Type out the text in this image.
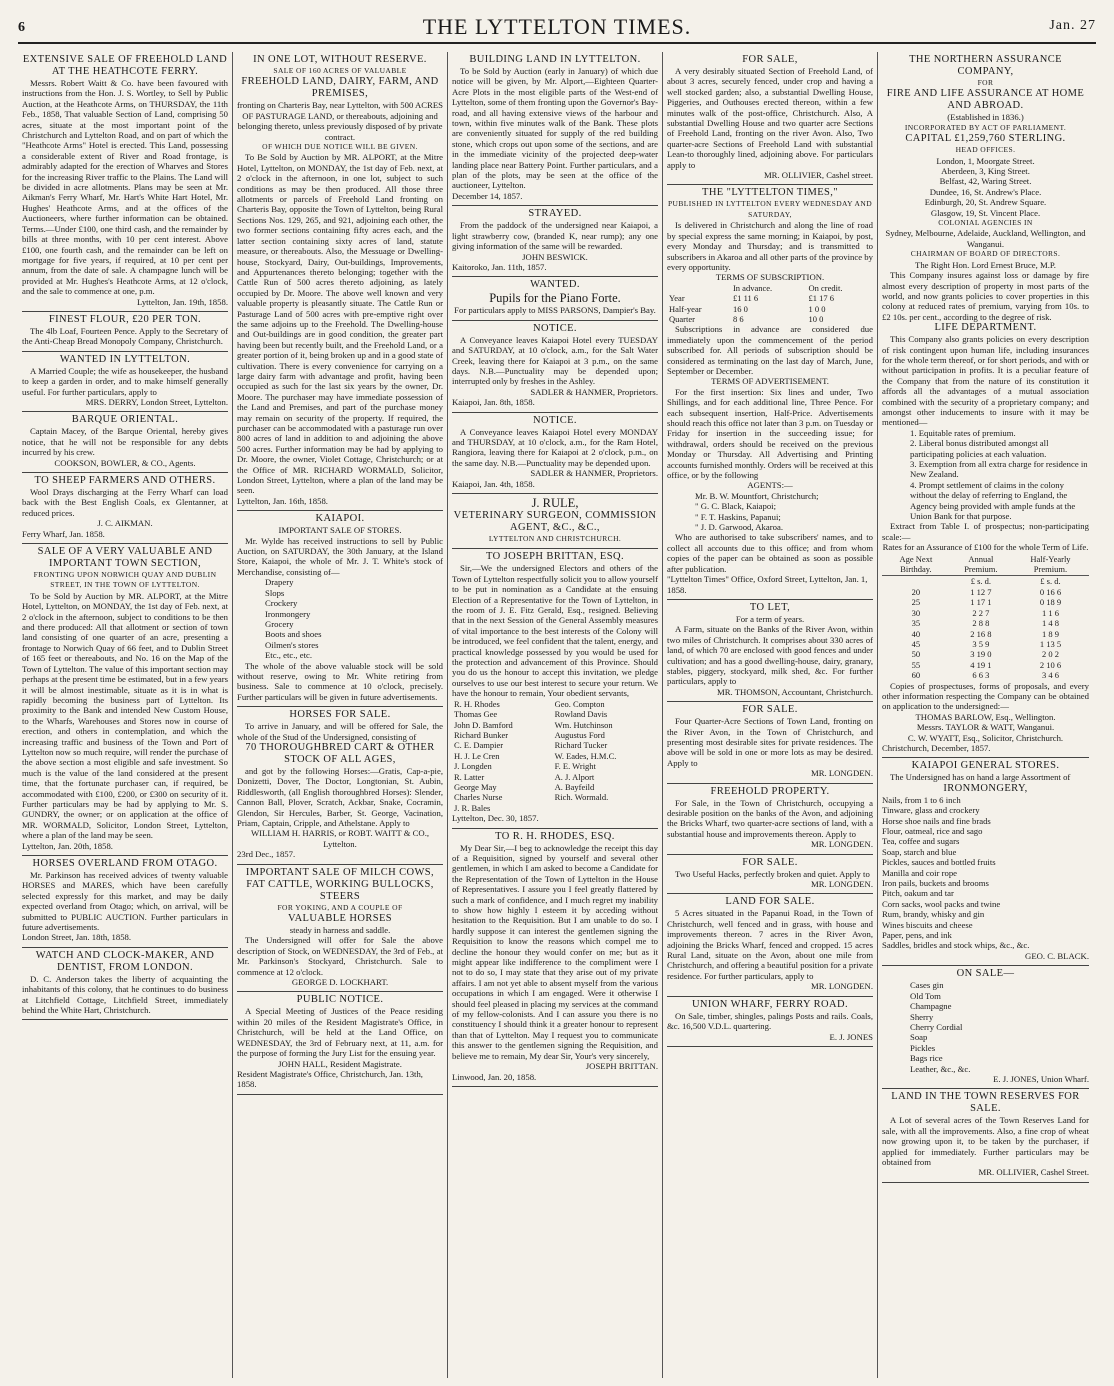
6	THE LYTTELTON TIMES.	Jan. 27
EXTENSIVE SALE OF FREEHOLD LAND AT THE HEATHCOTE FERRY.

Messrs. Robert Waitt & Co. have been favoured with instructions from the Hon. J. S. Wortley, to Sell by Public Auction, at the Heathcote Arms, on THURSDAY, the 11th Feb., 1858, That valuable Section of Land, comprising 50 acres, situate at the most important point of the Christchurch and Lyttelton Road, and on part of which the "Heathcote Arms" Hotel is erected. This Land, possessing a considerable extent of River and Road frontage, is admirably adapted for the erection of Wharves and Stores for the increasing River traffic to the Plains. The Land will be divided in acre allotments. Plans may be seen at Mr. Aikman's Ferry Wharf, Mr. Hart's White Hart Hotel, Mr. Hughes' Heathcote Arms, and at the offices of the Auctioneers, where further information can be obtained. Terms.—Under £100, one third cash, and the remainder by bills at three months, with 10 per cent interest. Above £100, one fourth cash, and the remainder can be left on mortgage for five years, if required, at 10 per cent per annum, from the date of sale. A champagne lunch will be provided at Mr. Hughes's Heathcote Arms, at 12 o'clock, and the sale to commence at one, p.m.

Lyttelton, Jan. 19th, 1858.
FINEST FLOUR, £20 PER TON.

The 4lb Loaf, Fourteen Pence. Apply to the Secretary of the Anti-Cheap Bread Monopoly Company, Christchurch.

WANTED IN LYTTELTON.

A Married Couple; the wife as housekeeper, the husband to keep a garden in order, and to make himself generally useful. For further particulars, apply to

MRS. DERRY, London Street, Lyttelton.
BARQUE ORIENTAL.

Captain Macey, of the Barque Oriental, hereby gives notice, that he will not be responsible for any debts incurred by his crew.

COOKSON, BOWLER, & CO., Agents.
TO SHEEP FARMERS AND OTHERS.

Wool Drays discharging at the Ferry Wharf can load back with the Best English Coals, ex Glentanner, at reduced prices.

J. C. AIKMAN.
Ferry Wharf, Jan. 1858.
SALE OF A VERY VALUABLE AND IMPORTANT TOWN SECTION,
FRONTING UPON NORWICH QUAY AND DUBLIN STREET, IN THE TOWN OF LYTTELTON.

To be Sold by Auction by MR. ALPORT, at the Mitre Hotel, Lyttelton, on MONDAY, the 1st day of Feb. next, at 2 o'clock in the afternoon, subject to conditions to be then and there produced: All that allotment or section of town land consisting of one quarter of an acre, presenting a frontage to Norwich Quay of 66 feet, and to Dublin Street of 165 feet or thereabouts, and No. 16 on the Map of the Town of Lyttelton. The value of this important section may perhaps at the present time be estimated, but in a few years it will be almost inestimable, situate as it is in what is rapidly becoming the business part of Lyttelton. Its proximity to the Bank and intended New Custom House, to the Wharfs, Warehouses and Stores now in course of erection, and others in contemplation, and which the increasing traffic and business of the Town and Port of Lyttelton now so much require, will render the purchase of the above section a most eligible and safe investment. So much is the value of the land considered at the present time, that the fortunate purchaser can, if required, be accommodated with £100, £200, or £300 on security of it. Further particulars may be had by applying to Mr. S. GUNDRY, the owner; or on application at the office of MR. WORMALD, Solicitor, London Street, Lyttelton, where a plan of the land may be seen.

Lyttelton, Jan. 20th, 1858.
HORSES OVERLAND FROM OTAGO.

Mr. Parkinson has received advices of twenty valuable HORSES and MARES, which have been carefully selected expressly for this market, and may be daily expected overland from Otago; which, on arrival, will be submitted to PUBLIC AUCTION. Further particulars in future advertisements.

London Street, Jan. 18th, 1858.
WATCH AND CLOCK-MAKER, AND DENTIST, FROM LONDON.

D. C. Anderson takes the liberty of acquainting the inhabitants of this colony, that he continues to do business at Litchfield Cottage, Litchfield Street, immediately behind the White Hart, Christchurch.

IN ONE LOT, WITHOUT RESERVE.
SALE OF 160 ACRES OF VALUABLE
FREEHOLD LAND, DAIRY, FARM, AND PREMISES,
fronting on Charteris Bay, near Lyttelton, with 500 ACRES OF PASTURAGE LAND, or thereabouts, adjoining and belonging thereto, unless previously disposed of by private contract.
OF WHICH DUE NOTICE WILL BE GIVEN.

To Be Sold by Auction by MR. ALPORT, at the Mitre Hotel, Lyttelton, on MONDAY, the 1st day of Feb. next, at 2 o'clock in the afternoon, in one lot, subject to such conditions as may be then produced. All those three allotments or parcels of Freehold Land fronting on Charteris Bay, opposite the Town of Lyttelton, being Rural Sections Nos. 129, 265, and 921, adjoining each other, the two former sections containing fifty acres each, and the latter section containing sixty acres of land, statute measure, or thereabouts. Also, the Messuage or Dwelling-house, Stockyard, Dairy, Out-buildings, Improvements, and Appurtenances thereto belonging; together with the Cattle Run of 500 acres thereto adjoining, as lately occupied by Dr. Moore. The above well known and very valuable property is pleasantly situate. The Cattle Run or Pasturage Land of 500 acres with pre-emptive right over the same adjoins up to the Freehold. The Dwelling-house and Out-buildings are in good condition, the greater part having been but recently built, and the Freehold Land, or a greater portion of it, being broken up and in a good state of cultivation. There is every convenience for carrying on a large dairy farm with advantage and profit, having been occupied as such for the last six years by the owner, Dr. Moore. The purchaser may have immediate possession of the Land and Premises, and part of the purchase money may remain on security of the property. If required, the purchaser can be accommodated with a pasturage run over 800 acres of land in addition to and adjoining the above 500 acres. Further information may be had by applying to Dr. Moore, the owner, Violet Cottage, Christchurch; or at the Office of MR. RICHARD WORMALD, Solicitor, London Street, Lyttelton, where a plan of the land may be seen.

Lyttelton, Jan. 16th, 1858.
KAIAPOI.
IMPORTANT SALE OF STORES.

Mr. Wylde has received instructions to sell by Public Auction, on SATURDAY, the 30th January, at the Island Store, Kaiapoi, the whole of Mr. J. T. White's stock of Merchandise, consisting of—

Drapery
Slops
Crockery
Ironmongery
Grocery
Boots and shoes
Oilmen's stores
Etc., etc., etc.

The whole of the above valuable stock will be sold without reserve, owing to Mr. White retiring from business. Sale to commence at 10 o'clock, precisely. Further particulars will be given in future advertisements.

HORSES FOR SALE.

To arrive in January, and will be offered for Sale, the whole of the Stud of the Undersigned, consisting of

70 THOROUGHBRED CART & OTHER STOCK OF ALL AGES,

and got by the following Horses:—Gratis, Cap-a-pie, Donizetti, Dover, The Doctor, Longtonian, St. Aubin, Riddlesworth, (all English thoroughbred Horses): Slender, Cannon Ball, Plover, Scratch, Ackbar, Snake, Cocramin, Glendon, Sir Hercules, Barber, St. George, Vacination, Priam, Captain, Cripple, and Athelstane. Apply to

WILLIAM H. HARRIS, or ROBT. WAITT & CO., Lyttelton.
23rd Dec., 1857.
IMPORTANT SALE OF MILCH COWS, FAT CATTLE, WORKING BULLOCKS, STEERS
FOR YOKING, AND A COUPLE OF
VALUABLE HORSES
steady in harness and saddle.

The Undersigned will offer for Sale the above description of Stock, on WEDNESDAY, the 3rd of Feb., at Mr. Parkinson's Stockyard, Christchurch. Sale to commence at 12 o'clock.

GEORGE D. LOCKHART.
PUBLIC NOTICE.

A Special Meeting of Justices of the Peace residing within 20 miles of the Resident Magistrate's Office, in Christchurch, will be held at the Land Office, on WEDNESDAY, the 3rd of February next, at 11, a.m. for the purpose of forming the Jury List for the ensuing year.

JOHN HALL, Resident Magistrate.
Resident Magistrate's Office, Christchurch, Jan. 13th, 1858.
BUILDING LAND IN LYTTELTON.

To be Sold by Auction (early in January) of which due notice will be given, by Mr. Alport,—Eighteen Quarter-Acre Plots in the most eligible parts of the West-end of Lyttelton, some of them fronting upon the Governor's Bay-road, and all having extensive views of the harbour and town, within five minutes walk of the Bank. These plots are conveniently situated for supply of the red building stone, which crops out upon some of the sections, and are in the immediate vicinity of the projected deep-water landing place near Battery Point. Further particulars, and a plan of the plots, may be seen at the office of the auctioneer, Lyttelton.

December 14, 1857.
STRAYED.

From the paddock of the undersigned near Kaiapoi, a light strawberry cow, (branded K, near rump); any one giving information of the same will be rewarded.

JOHN BESWICK.
Kaitoroko, Jan. 11th, 1857.
WANTED.
Pupils for the Piano Forte.
For particulars apply to MISS PARSONS, Dampier's Bay.
NOTICE.

A Conveyance leaves Kaiapoi Hotel every TUESDAY and SATURDAY, at 10 o'clock, a.m., for the Salt Water Creek, leaving there for Kaiapoi at 3 p.m., on the same days. N.B.—Punctuality may be depended upon; interrupted only by freshes in the Ashley.

SADLER & HANMER, Proprietors.
Kaiapoi, Jan. 8th, 1858.
NOTICE.

A Conveyance leaves Kaiapoi Hotel every MONDAY and THURSDAY, at 10 o'clock, a.m., for the Ram Hotel, Rangiora, leaving there for Kaiapoi at 2 o'clock, p.m., on the same day. N.B.—Punctuality may be depended upon.

SADLER & HANMER, Proprietors.
Kaiapoi, Jan. 4th, 1858.
J. RULE,
VETERINARY SURGEON, COMMISSION AGENT, &C., &C.,
LYTTELTON AND CHRISTCHURCH.
TO JOSEPH BRITTAN, ESQ.

Sir,—We the undersigned Electors and others of the Town of Lyttelton respectfully solicit you to allow yourself to be put in nomination as a Candidate at the ensuing Election of a Representative for the Town of Lyttelton, in the room of J. E. Fitz Gerald, Esq., resigned. Believing that in the next Session of the General Assembly measures of vital importance to the best interests of the Colony will be introduced, we feel confident that the talent, energy, and practical knowledge possessed by you would be used for the protection and advancement of this Province. Should you do us the honour to accept this invitation, we pledge ourselves to use our best interest to secure your return. We have the honour to remain, Your obedient servants,

R. H. Rhodes	Geo. Compton
Thomas Gee	Rowland Davis
John D. Bamford	Wm. Hutchinson
Richard Bunker	Augustus Ford
C. E. Dampier	Richard Tucker
H. J. Le Cren	W. Eades, H.M.C.
J. Longden	F. E. Wright
R. Latter	A. J. Alport
George May	A. Bayfeild
Charles Nurse	Rich. Wormald.
J. R. Bales	
Lyttelton, Dec. 30, 1857.
TO R. H. RHODES, ESQ.

My Dear Sir,—I beg to acknowledge the receipt this day of a Requisition, signed by yourself and several other gentlemen, in which I am asked to become a Candidate for the Representation of the Town of Lyttelton in the House of Representatives. I assure you I feel greatly flattered by such a mark of confidence, and I much regret my inability to show how highly I esteem it by acceding without hesitation to the Requisition. But I am unable to do so. I hardly suppose it can interest the gentlemen signing the Requisition to know the reasons which compel me to decline the honour they would confer on me; but as it might appear like indifference to the compliment were I not to do so, I may state that they arise out of my private affairs. I am not yet able to absent myself from the various occupations in which I am engaged. Were it otherwise I should feel pleased in placing my services at the command of my fellow-colonists. And I can assure you there is no constituency I should think it a greater honour to represent than that of Lyttelton. May I request you to communicate this answer to the gentlemen signing the Requisition, and believe me to remain, My dear Sir, Your's very sincerely,

JOSEPH BRITTAN.
Linwood, Jan. 20, 1858.
FOR SALE,

A very desirably situated Section of Freehold Land, of about 3 acres, securely fenced, under crop and having a well stocked garden; also, a substantial Dwelling House, Piggeries, and Outhouses erected thereon, within a few minutes walk of the post-office, Christchurch. Also, A substantial Dwelling House and two quarter acre Sections of Freehold Land, fronting on the river Avon. Also, Two quarter-acre Sections of Freehold Land with substantial Lean-to thoroughly lined, adjoining above. For particulars apply to

MR. OLLIVIER, Cashel street.
THE "LYTTELTON TIMES,"
PUBLISHED IN LYTTELTON EVERY WEDNESDAY AND SATURDAY,

Is delivered in Christchurch and along the line of road by special express the same morning; in Kaiapoi, by post, every Monday and Thursday; and is transmitted to subscribers in Akaroa and all other parts of the province by every opportunity.

TERMS OF SUBSCRIPTION.
	In advance.	On credit.
Year	£1 11 6	£1 17 6
Half-year	16 0	1 0 0
Quarter	8 6	10 0

Subscriptions in advance are considered due immediately upon the commencement of the period subscribed for. All periods of subscription should be considered as terminating on the last day of March, June, September or December.

TERMS OF ADVERTISEMENT.

For the first insertion: Six lines and under, Two Shillings, and for each additional line, Three Pence. For each subsequent insertion, Half-Price. Advertisements should reach this office not later than 3 p.m. on Tuesday or Friday for insertion in the succeeding issue; for withdrawal, orders should be received on the previous Monday or Thursday. All Advertising and Printing accounts furnished monthly. Orders will be received at this office, or by the following

AGENTS:—
Mr. B. W. Mountfort, Christchurch;
" G. C. Black, Kaiapoi;
" F. T. Haskins, Papanui;
" J. D. Garwood, Akaroa.

Who are authorised to take subscribers' names, and to collect all accounts due to this office; and from whom copies of the paper can be obtained as soon as possible after publication.

"Lyttelton Times" Office, Oxford Street, Lyttelton, Jan. 1, 1858.
TO LET,
For a term of years.

A Farm, situate on the Banks of the River Avon, within two miles of Christchurch. It comprises about 330 acres of land, of which 70 are enclosed with good fences and under cultivation; and has a good dwelling-house, dairy, granary, stables, piggery, stockyard, milk shed, &c. For further particulars, apply to

MR. THOMSON, Accountant, Christchurch.
FOR SALE.

Four Quarter-Acre Sections of Town Land, fronting on the River Avon, in the Town of Christchurch, and presenting most desirable sites for private residences. The above will be sold in one or more lots as may be desired. Apply to

MR. LONGDEN.
FREEHOLD PROPERTY.

For Sale, in the Town of Christchurch, occupying a desirable position on the banks of the Avon, and adjoining the Bricks Wharf, two quarter-acre sections of land, with a substantial house and improvements thereon. Apply to

MR. LONGDEN.
FOR SALE.

Two Useful Hacks, perfectly broken and quiet. Apply to

MR. LONGDEN.
LAND FOR SALE.

5 Acres situated in the Papanui Road, in the Town of Christchurch, well fenced and in grass, with house and improvements thereon. 7 acres in the River Avon, adjoining the Bricks Wharf, fenced and cropped. 15 acres Rural Land, situate on the Avon, about one mile from Christchurch, and offering a beautiful position for a private residence. For further particulars, apply to

MR. LONGDEN.
UNION WHARF, FERRY ROAD.

On Sale, timber, shingles, palings Posts and rails. Coals, &c. 16,500 V.D.L. quartering.

E. J. JONES
THE NORTHERN ASSURANCE COMPANY,
FOR
FIRE AND LIFE ASSURANCE AT HOME AND ABROAD.
(Established in 1836.)
INCORPORATED BY ACT OF PARLIAMENT.
CAPITAL £1,259,760 STERLING.
HEAD OFFICES.
London, 1, Moorgate Street.
Aberdeen, 3, King Street.
Belfast, 42, Waring Street.
Dundee, 16, St. Andrew's Place.
Edinburgh, 20, St. Andrew Square.
Glasgow, 19, St. Vincent Place.
COLONIAL AGENCIES IN
Sydney, Melbourne, Adelaide, Auckland, Wellington, and Wanganui.
CHAIRMAN OF BOARD OF DIRECTORS.
The Right Hon. Lord Ernest Bruce, M.P.

This Company insures against loss or damage by fire almost every description of property in most parts of the world, and now grants policies to cover properties in this colony at reduced rates of premium, varying from 10s. to £2 10s. per cent., according to the degree of risk.

LIFE DEPARTMENT.

This Company also grants policies on every description of risk contingent upon human life, including insurances for the whole term thereof, or for short periods, and with or without participation in profits. It is a peculiar feature of the Company that from the nature of its constitution it affords all the advantages of a mutual association combined with the security of a proprietary company; and amongst other inducements to insure with it may be mentioned—

1. Equitable rates of premium.
2. Liberal bonus distributed amongst all participating policies at each valuation.
3. Exemption from all extra charge for residence in New Zealand.
4. Prompt settlement of claims in the colony without the delay of referring to England, the Agency being provided with ample funds at the Union Bank for that purpose.

Extract from Table I. of prospectus; non-participating scale:—

Rates for an Assurance of £100 for the whole Term of Life.
Age Next Birthday.	Annual Premium.	Half-Yearly Premium.
	£ s. d.	£ s. d.
20	1 12 7	0 16 6
25	1 17 1	0 18 9
30	2 2 7	1 1 6
35	2 8 8	1 4 8
40	2 16 8	1 8 9
45	3 5 9	1 13 5
50	3 19 0	2 0 2
55	4 19 1	2 10 6
60	6 6 3	3 4 6

Copies of prospectuses, forms of proposals, and every other information respecting the Company can be obtained on application to the undersigned:—

THOMAS BARLOW, Esq., Wellington.
Messrs. TAYLOR & WATT, Wanganui.
C. W. WYATT, Esq., Solicitor, Christchurch.
Christchurch, December, 1857.
KAIAPOI GENERAL STORES.

The Undersigned has on hand a large Assortment of

IRONMONGERY,
Nails, from 1 to 6 inch
Tinware, glass and crockery
Horse shoe nails and fine brads
Flour, oatmeal, rice and sago
Tea, coffee and sugars
Soap, starch and blue
Pickles, sauces and bottled fruits
Manilla and coir rope
Iron pails, buckets and brooms
Pitch, oakum and tar
Corn sacks, wool packs and twine
Rum, brandy, whisky and gin
Wines biscuits and cheese
Paper, pens, and ink
Saddles, bridles and stock whips, &c., &c.
GEO. C. BLACK.
ON SALE—
Cases gin
Old Tom
Champagne
Sherry
Cherry Cordial
Soap
Pickles
Bags rice
Leather, &c., &c.
E. J. JONES, Union Wharf.
LAND IN THE TOWN RESERVES FOR SALE.

A Lot of several acres of the Town Reserves Land for sale, with all the improvements. Also, a fine crop of wheat now growing upon it, to be taken by the purchaser, if applied for immediately. Further particulars may be obtained from

MR. OLLIVIER, Cashel Street.
